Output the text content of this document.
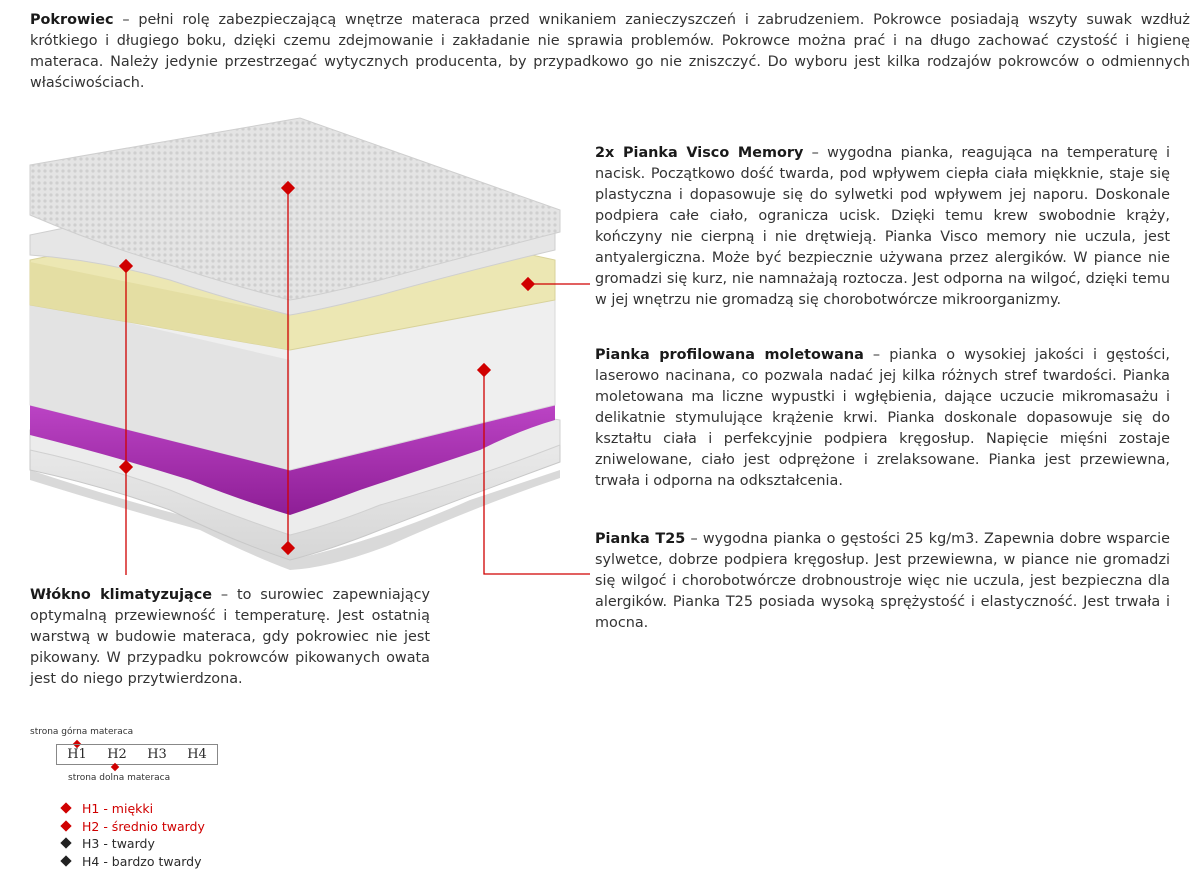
Pokrowiec – pełni rolę zabezpieczającą wnętrze materaca przed wnikaniem zanieczyszczeń i zabrudzeniem. Pokrowce posiadają wszyty suwak wzdłuż krótkiego i długiego boku, dzięki czemu zdejmowanie i zakładanie nie sprawia problemów. Pokrowce można prać i na długo zachować czystość i higienę materaca. Należy jedynie przestrzegać wytycznych producenta, by przypadkowo go nie zniszczyć. Do wyboru jest kilka rodzajów pokrowców o odmiennych właściwościach.
2x Pianka Visco Memory – wygodna pianka, reagująca na temperaturę i nacisk. Początkowo dość twarda, pod wpływem ciepła ciała miękknie, staje się plastyczna i dopasowuje się do sylwetki pod wpływem jej naporu. Doskonale podpiera całe ciało, ogranicza ucisk. Dzięki temu krew swobodnie krąży, kończyny nie cierpną i nie drętwieją. Pianka Visco memory nie uczula, jest antyalergiczna. Może być bezpiecznie używana przez alergików. W piance nie gromadzi się kurz, nie namnażają roztocza. Jest odporna na wilgoć, dzięki temu w jej wnętrzu nie gromadzą się chorobotwórcze mikroorganizmy.
Pianka profilowana moletowana – pianka o wysokiej jakości i gęstości, laserowo nacinana, co pozwala nadać jej kilka różnych stref twardości. Pianka moletowana ma liczne wypustki i wgłębienia, dające uczucie mikromasażu i delikatnie stymulujące krążenie krwi. Pianka doskonale dopasowuje się do kształtu ciała i perfekcyjnie podpiera kręgosłup. Napięcie mięśni zostaje zniwelowane, ciało jest odprężone i zrelaksowane. Pianka jest przewiewna, trwała i odporna na odkształcenia.
Pianka T25 – wygodna pianka o gęstości 25 kg/m3. Zapewnia dobre wsparcie sylwetce, dobrze podpiera kręgosłup. Jest przewiewna, w piance nie gromadzi się wilgoć i chorobotwórcze drobnoustroje więc nie uczula, jest bezpieczna dla alergików. Pianka T25 posiada wysoką sprężystość i elastyczność. Jest trwała i mocna.
Włókno klimatyzujące – to surowiec zapewniający optymalną przewiewność i temperaturę. Jest ostatnią warstwą w budowie materaca, gdy pokrowiec nie jest pikowany. W przypadku pokrowców pikowanych owata jest do niego przytwierdzona.
strona górna materaca
H1 H2 H3 H4
strona dolna materaca
H1 - miękki
H2 - średnio twardy
H3 - twardy
H4 - bardzo twardy
